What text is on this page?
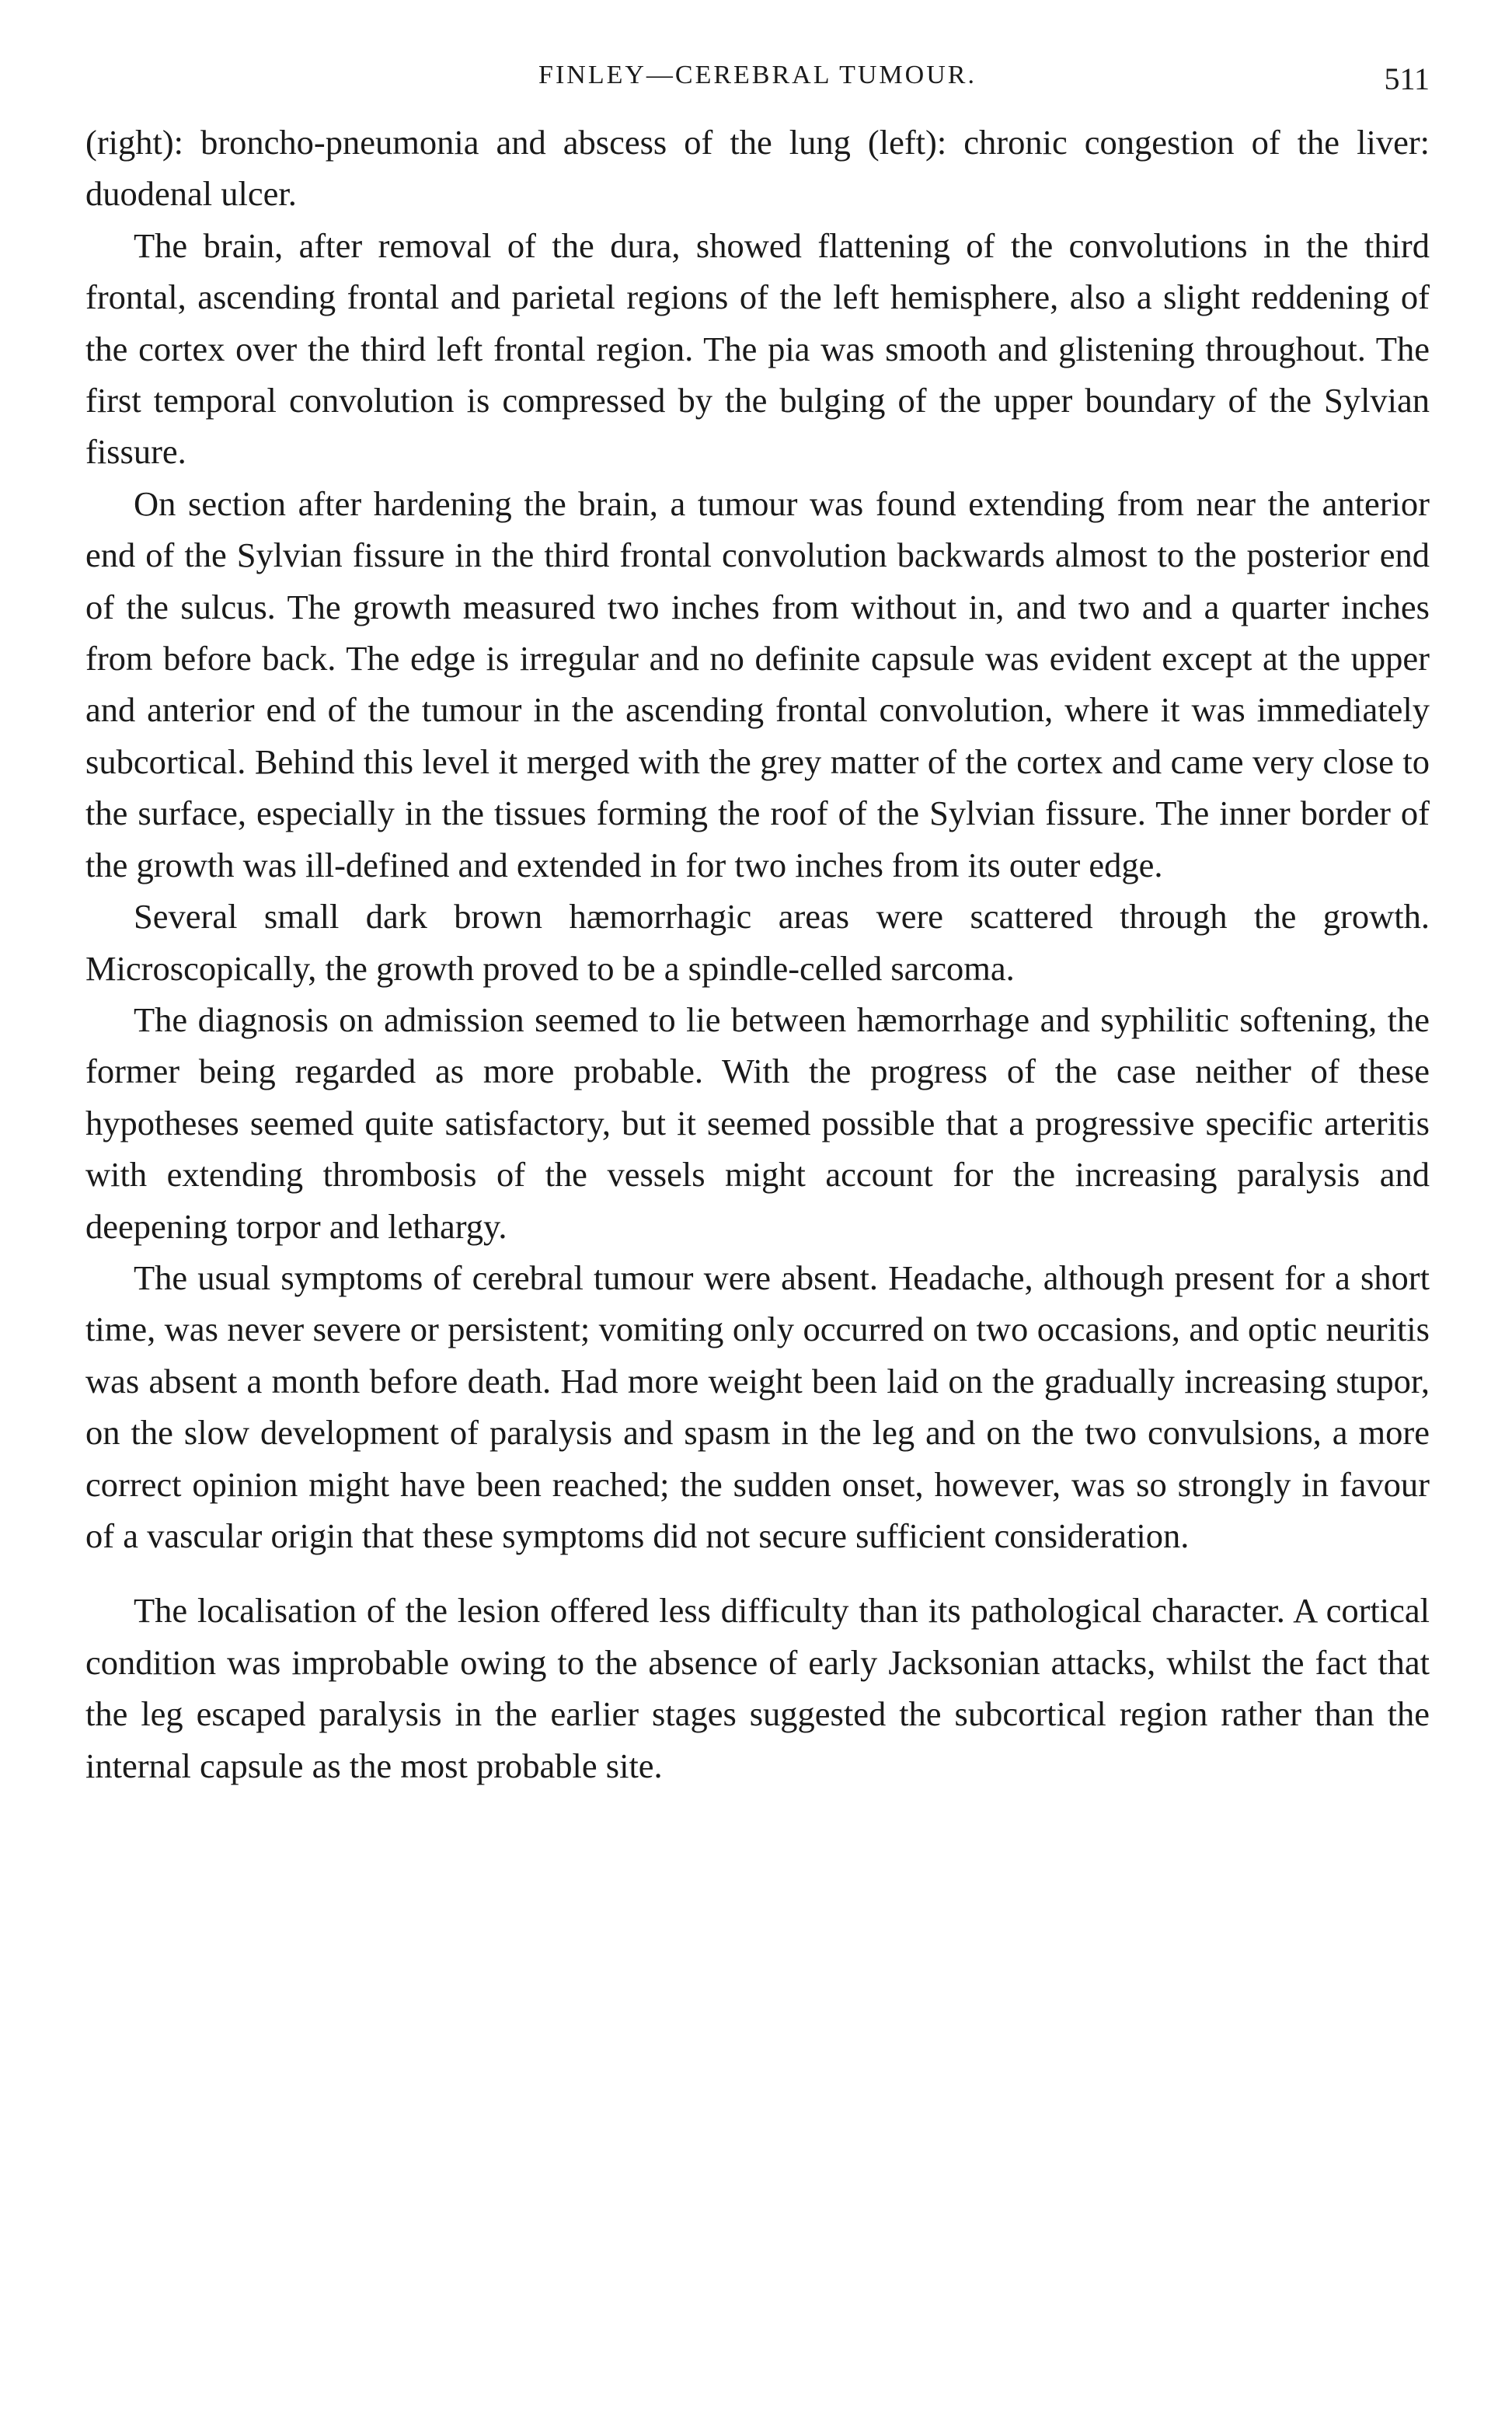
FINLEY—CEREBRAL TUMOUR.	511

(right): broncho-pneumonia and abscess of the lung (left): chronic congestion of the liver: duodenal ulcer.

The brain, after removal of the dura, showed flattening of the convolutions in the third frontal, ascending frontal and parietal regions of the left hemisphere, also a slight reddening of the cortex over the third left frontal region. The pia was smooth and glistening throughout. The first temporal convolution is compressed by the bulging of the upper boundary of the Sylvian fissure.

On section after hardening the brain, a tumour was found extending from near the anterior end of the Sylvian fissure in the third frontal convolution backwards almost to the posterior end of the sulcus. The growth measured two inches from without in, and two and a quarter inches from before back. The edge is irregular and no definite capsule was evident except at the upper and anterior end of the tumour in the ascending frontal convolution, where it was immediately subcortical. Behind this level it merged with the grey matter of the cortex and came very close to the surface, especially in the tissues forming the roof of the Sylvian fissure. The inner border of the growth was ill-defined and extended in for two inches from its outer edge.

Several small dark brown hæmorrhagic areas were scattered through the growth. Microscopically, the growth proved to be a spindle-celled sarcoma.

The diagnosis on admission seemed to lie between hæmorrhage and syphilitic softening, the former being regarded as more probable. With the progress of the case neither of these hypotheses seemed quite satisfactory, but it seemed possible that a progressive specific arteritis with extending thrombosis of the vessels might account for the increasing paralysis and deepening torpor and lethargy.

The usual symptoms of cerebral tumour were absent. Headache, although present for a short time, was never severe or persistent; vomiting only occurred on two occasions, and optic neuritis was absent a month before death. Had more weight been laid on the gradually increasing stupor, on the slow development of paralysis and spasm in the leg and on the two convulsions, a more correct opinion might have been reached; the sudden onset, however, was so strongly in favour of a vascular origin that these symptoms did not secure sufficient consideration.

The localisation of the lesion offered less difficulty than its pathological character. A cortical condition was improbable owing to the absence of early Jacksonian attacks, whilst the fact that the leg escaped paralysis in the earlier stages suggested the subcortical region rather than the internal capsule as the most probable site.
